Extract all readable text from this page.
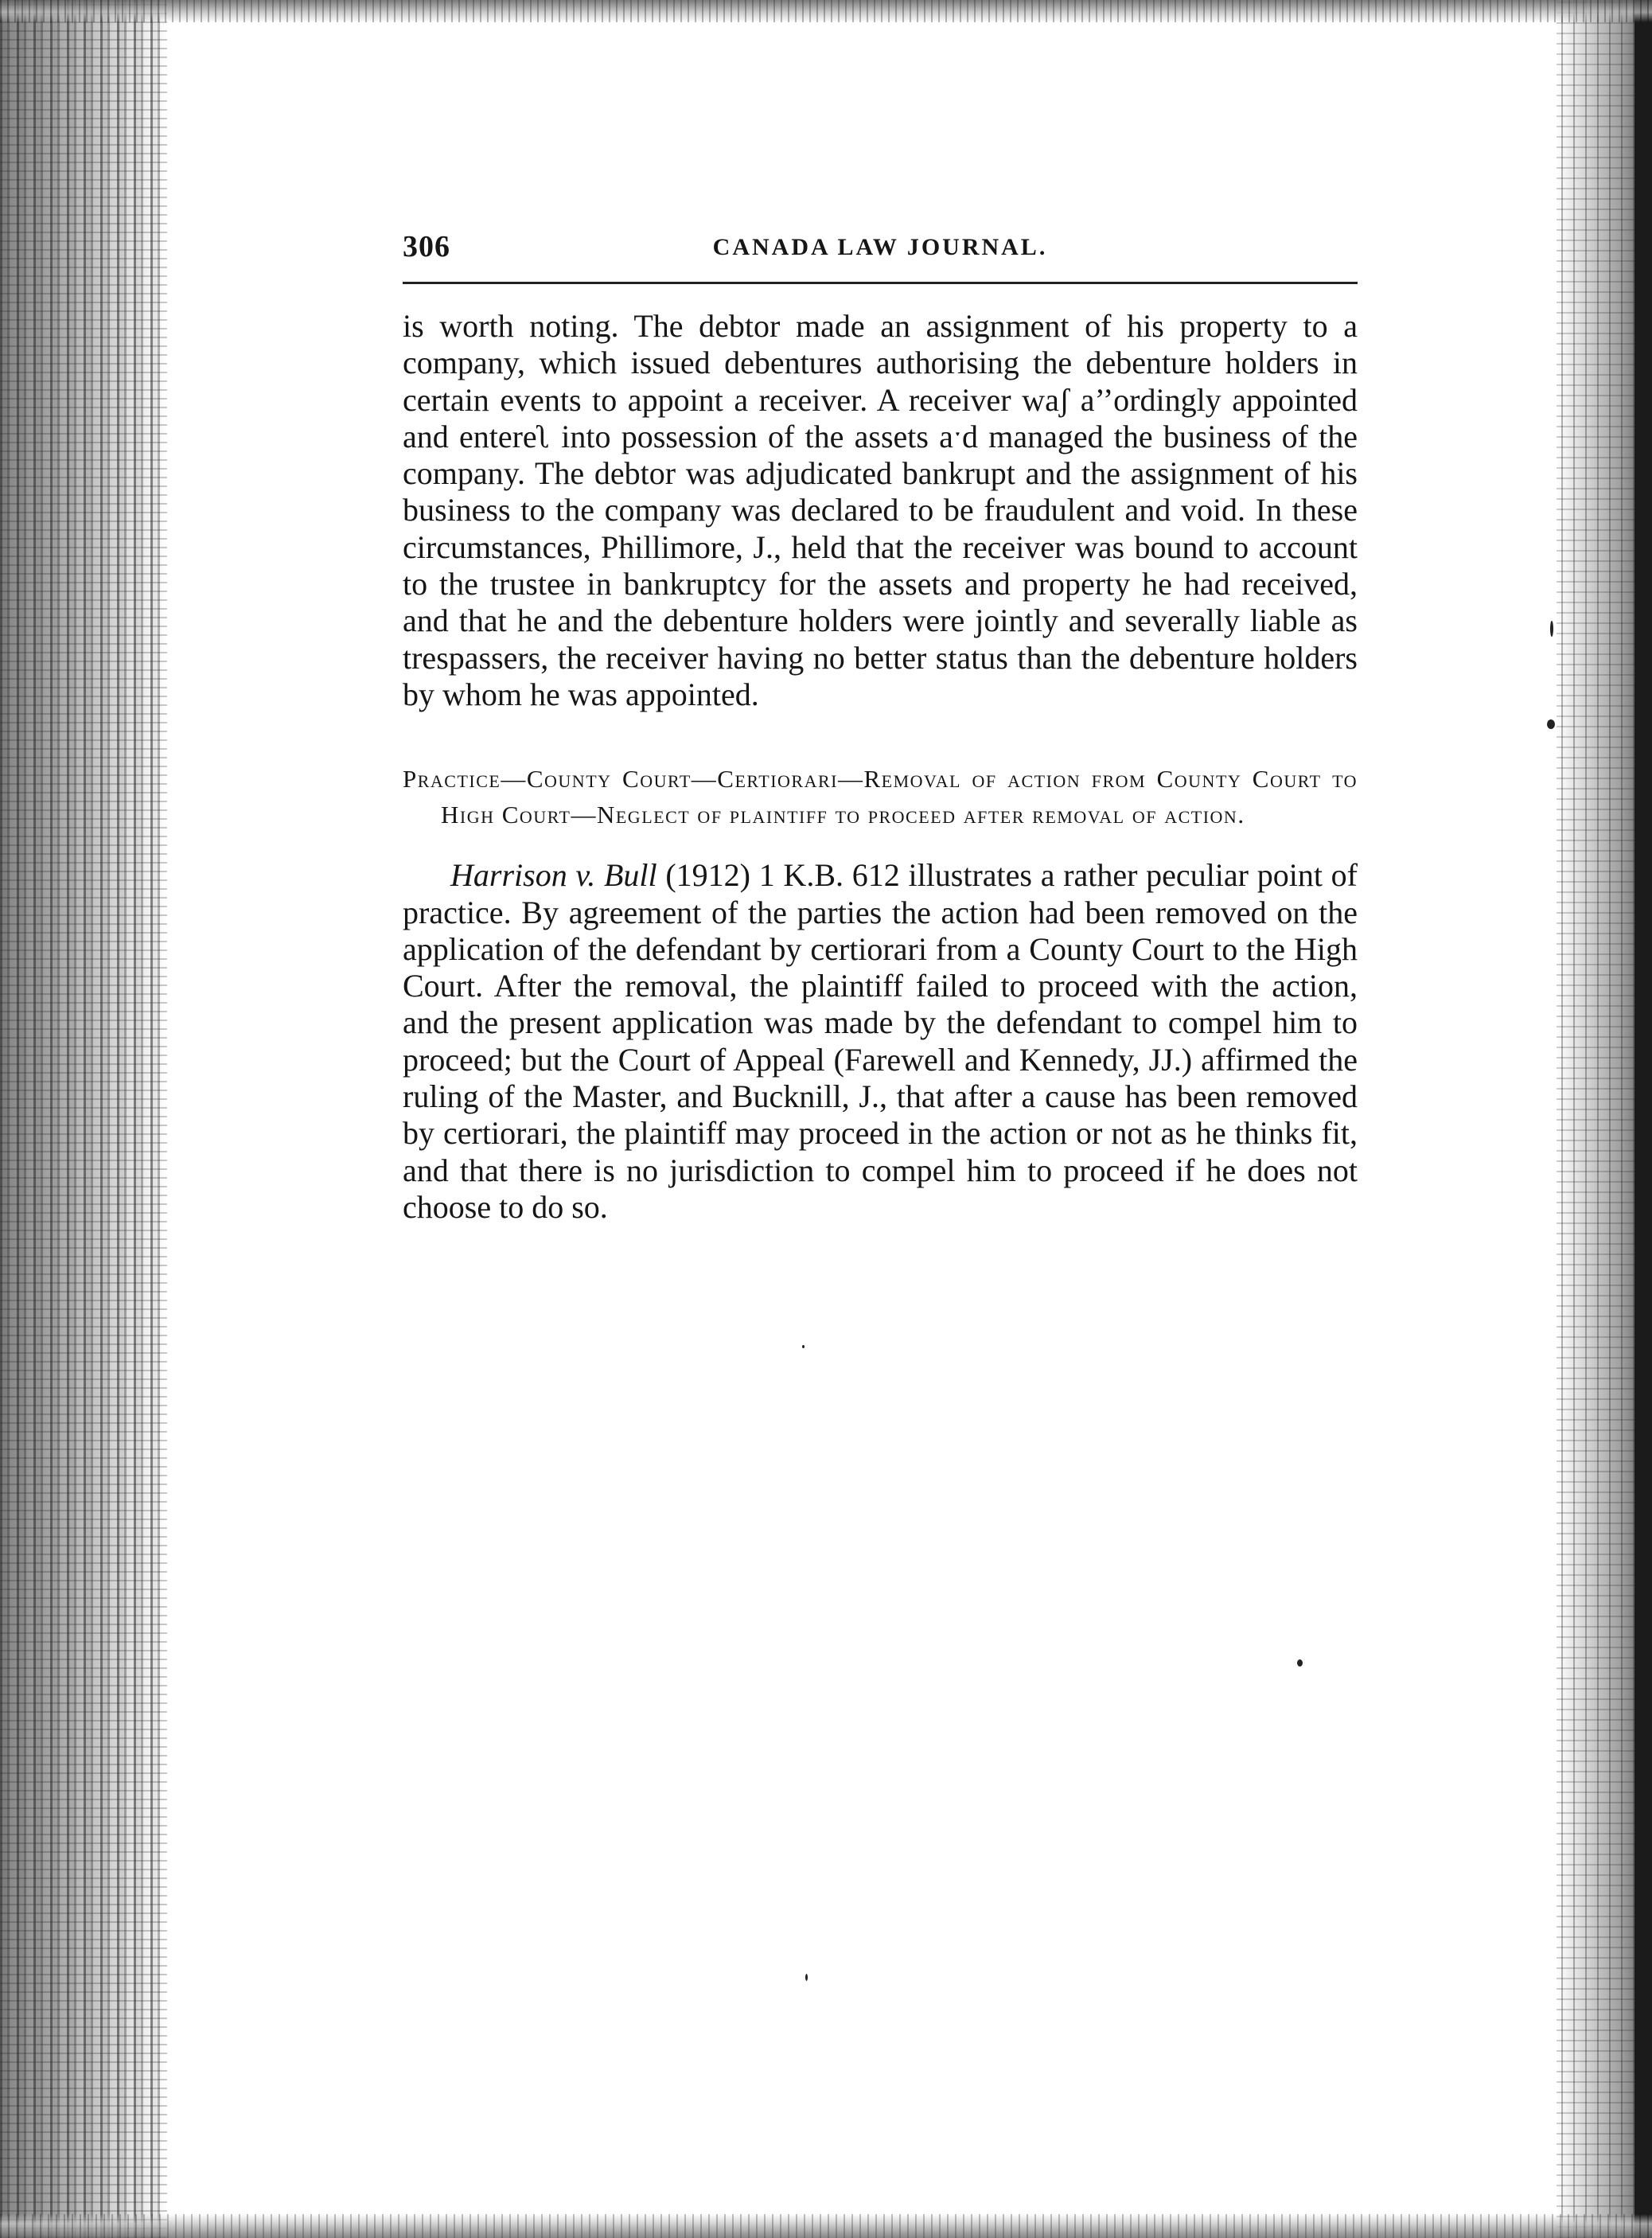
306	CANADA LAW JOURNAL.

is worth noting. The debtor made an assignment of his property to a company, which issued debentures authorising the debenture holders in certain events to appoint a receiver. A receiver waʃ a’’ordingly appointed and entereʅ into possession of the assets aˑd managed the business of the company. The debtor was adjudicated bankrupt and the assignment of his business to the company was declared to be fraudulent and void. In these circumstances, Phillimore, J., held that the receiver was bound to account to the trustee in bankruptcy for the assets and property he had received, and that he and the debenture holders were jointly and severally liable as trespassers, the receiver having no better status than the debenture holders by whom he was appointed.

Practice—County Court—Certiorari—Removal of action from County Court to High Court—Neglect of plaintiff to proceed after removal of action.

Harrison v. Bull (1912) 1 K.B. 612 illustrates a rather peculiar point of practice. By agreement of the parties the action had been removed on the application of the defendant by certiorari from a County Court to the High Court. After the removal, the plaintiff failed to proceed with the action, and the present application was made by the defendant to compel him to proceed; but the Court of Appeal (Farewell and Kennedy, JJ.) affirmed the ruling of the Master, and Bucknill, J., that after a cause has been removed by certiorari, the plaintiff may proceed in the action or not as he thinks fit, and that there is no jurisdiction to compel him to proceed if he does not choose to do so.
